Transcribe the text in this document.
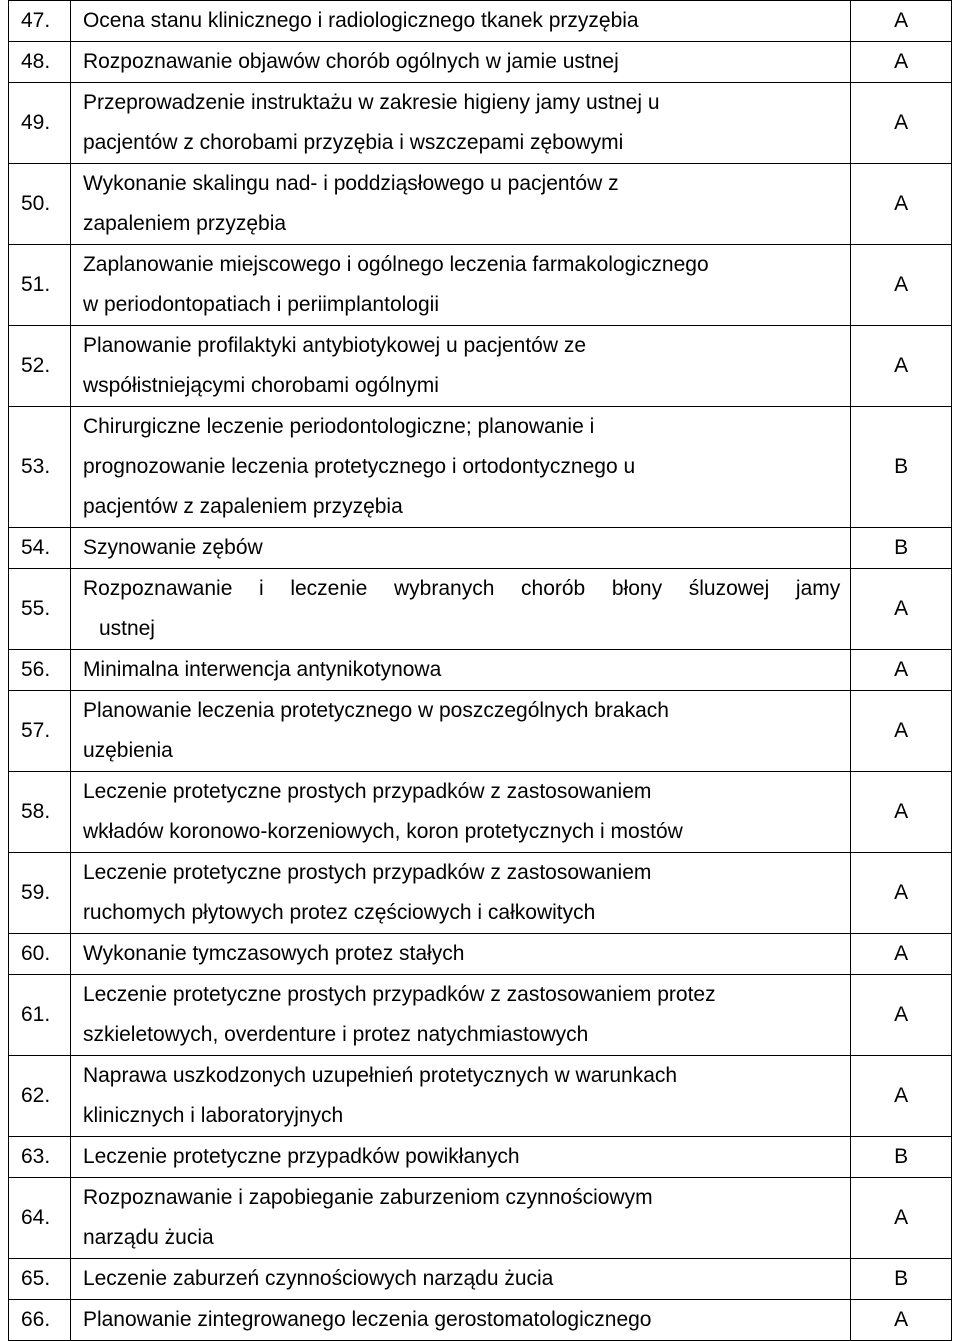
47.	Ocena stanu klinicznego i radiologicznego tkanek przyzębia	A
48.	Rozpoznawanie objawów chorób ogólnych w jamie ustnej	A
49.	Przeprowadzenie instruktażu w zakresie higieny jamy ustnej u
pacjentów z chorobami przyzębia i wszczepami zębowymi	A
50.	Wykonanie skalingu nad- i poddziąsłowego u pacjentów z
zapaleniem przyzębia	A
51.	Zaplanowanie miejscowego i ogólnego leczenia farmakologicznego
w periodontopatiach i periimplantologii	A
52.	Planowanie profilaktyki antybiotykowej u pacjentów ze
współistniejącymi chorobami ogólnymi	A
53.	Chirurgiczne leczenie periodontologiczne; planowanie i
prognozowanie leczenia protetycznego i ortodontycznego u
pacjentów z zapaleniem przyzębia	B
54.	Szynowanie zębów	B
55.	Rozpoznawanie i leczenie wybranych chorób błony śluzowej jamy
ustnej	A
56.	Minimalna interwencja antynikotynowa	A
57.	Planowanie leczenia protetycznego w poszczególnych brakach
uzębienia	A
58.	Leczenie protetyczne prostych przypadków z zastosowaniem
wkładów koronowo-korzeniowych, koron protetycznych i mostów	A
59.	Leczenie protetyczne prostych przypadków z zastosowaniem
ruchomych płytowych protez częściowych i całkowitych	A
60.	Wykonanie tymczasowych protez stałych	A
61.	Leczenie protetyczne prostych przypadków z zastosowaniem protez
szkieletowych, overdenture i protez natychmiastowych	A
62.	Naprawa uszkodzonych uzupełnień protetycznych w warunkach
klinicznych i laboratoryjnych	A
63.	Leczenie protetyczne przypadków powikłanych	B
64.	Rozpoznawanie i zapobieganie zaburzeniom czynnościowym
narządu żucia	A
65.	Leczenie zaburzeń czynnościowych narządu żucia	B
66.	Planowanie zintegrowanego leczenia gerostomatologicznego	A
